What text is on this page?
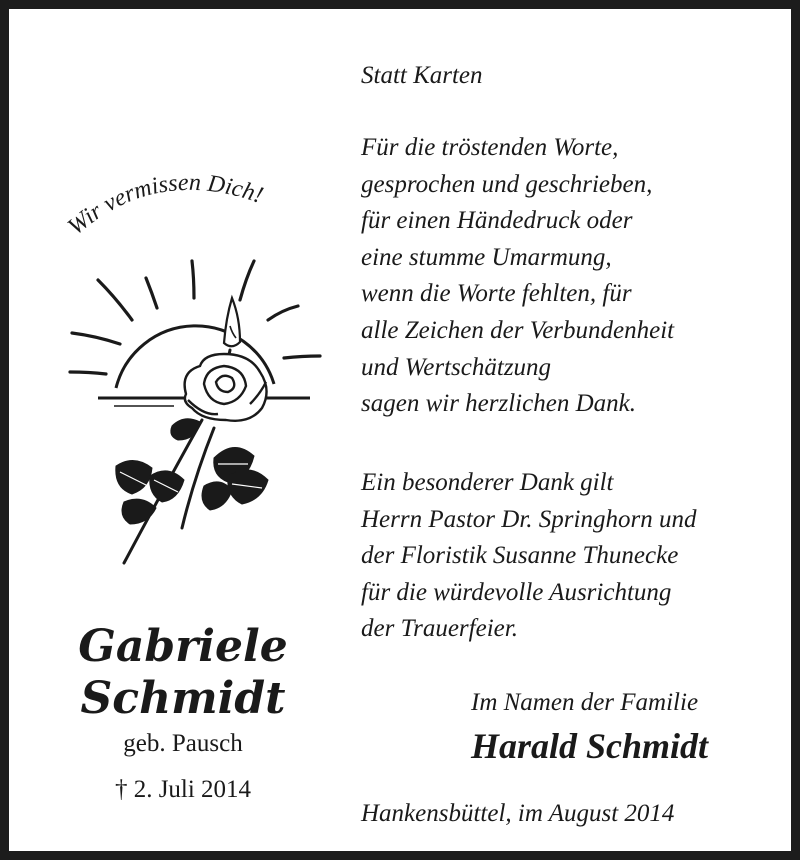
Wir vermissen Dich!
Gabriele
Schmidt
geb. Pausch
† 2. Juli 2014
Statt Karten
Für die tröstenden Worte,
gesprochen und geschrieben,
für einen Händedruck oder
eine stumme Umarmung,
wenn die Worte fehlten, für
alle Zeichen der Verbundenheit
und Wertschätzung
sagen wir herzlichen Dank.
Ein besonderer Dank gilt
Herrn Pastor Dr. Springhorn und
der Floristik Susanne Thunecke
für die würdevolle Ausrichtung
der Trauerfeier.
Im Namen der Familie
Harald Schmidt
Hankensbüttel, im August 2014
